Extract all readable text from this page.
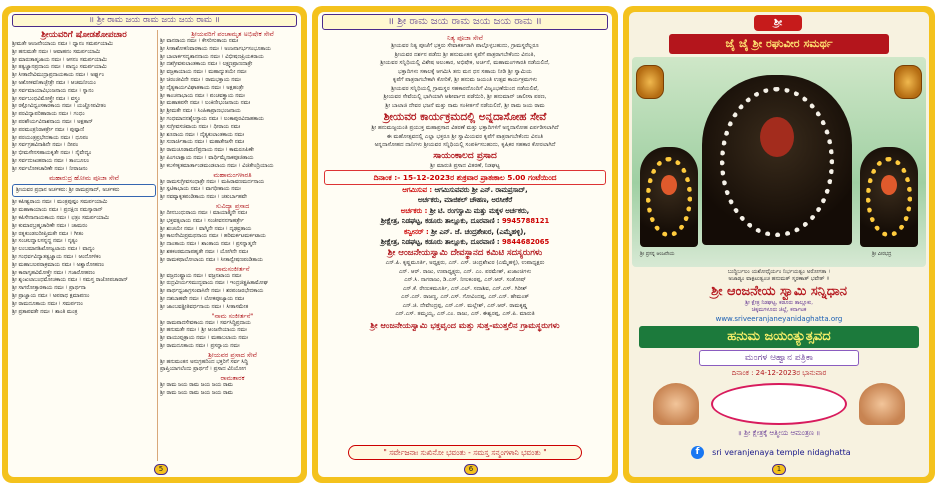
॥ ಶ್ರೀ ರಾಮ ಜಯ ರಾಮ ಜಯ ಜಯ ರಾಮ ॥
ಶ್ರೀಯವರಿಗೆ ಷೋಡಶೋಪಚಾರ
ಶ್ರೀಮತೇ ಆಂಜನೇಯಾಯ ನಮಃ । ಧ್ಯಾನಂ ಸಮರ್ಪಯಾಮಿ
ಶ್ರೀ ಹನುಮತೇ ನಮಃ । ಆವಾಹನಂ ಸಮರ್ಪಯಾಮಿ
ಶ್ರೀ ಮಾರುತಾತ್ಮಜಾಯ ನಮಃ । ಆಸನಂ ಸಮರ್ಪಯಾಮಿ
ಶ್ರೀ ತತ್ವಜ್ಞಾನಪ್ರದಾಯ ನಮಃ । ಪಾದ್ಯಂ ಸಮರ್ಪಯಾಮಿ
ಶ್ರೀ ಸೀತಾದೇವಿಮುದ್ರಾಪ್ರದಾಯಕಾಯ ನಮಃ । ಅರ್ಘ್ಯಂ
ಶ್ರೀ ಅಶೋಕವನಿಕಾಚ್ಛೇತ್ರೇ ನಮಃ । ಆಚಮನೀಯಂ
ಶ್ರೀ ಸರ್ವಮಾಯಾವಿಭಂಜನಾಯ ನಮಃ । ಸ್ನಾನಂ
ಶ್ರೀ ಸರ್ವಬಂಧವಿಮೋಕ್ತ್ರೇ ನಮಃ । ವಸ್ತ್ರಂ
ಶ್ರೀ ರಕ್ಷೋವಿಧ್ವಂಸಕಾರಕಾಯ ನಮಃ । ಯಜ್ಞೋಪವೀತಂ
ಶ್ರೀ ಪರವಿದ್ಯಾಪರಿಹಾರಾಯ ನಮಃ । ಗಂಧಂ
ಶ್ರೀ ಪರಶೌರ್ಯವಿನಾಶನಾಯ ನಮಃ । ಅಕ್ಷತಾನ್
ಶ್ರೀ ಪರಮಂತ್ರನಿರಾಕರ್ತ್ರೇ ನಮಃ । ಪುಷ್ಪಾಣಿ
ಶ್ರೀ ಪರಯಂತ್ರಪ್ರಭೇದಕಾಯ ನಮಃ । ಧೂಪಂ
ಶ್ರೀ ಸರ್ವಗ್ರಹವಿನಾಶಿನೇ ನಮಃ । ದೀಪಂ
ಶ್ರೀ ಭೀಮಸೇನಸಹಾಯಕೃತೇ ನಮಃ । ನೈವೇದ್ಯಂ
ಶ್ರೀ ಸರ್ವದುಃಖಹರಾಯ ನಮಃ । ತಾಂಬೂಲಂ
ಶ್ರೀ ಸರ್ವಲೋಕಚಾರಿಣೇ ನಮಃ । ನೀರಾಜನಂ
ಮಹಾರುದ್ರ ಹೋಮ ಪೂಜಾ ಸೇವೆ
ಶ್ರೀಯವರ ಪ್ರಧಾನ ಅರ್ಚಕರು: ಶ್ರೀ ರಾಮಪ್ರಸಾದ್, ಅರ್ಚಕರು
ಶ್ರೀ ಕಪೀಶ್ವರಾಯ ನಮಃ । ಮಂತ್ರಪುಷ್ಪಂ ಸಮರ್ಪಯಾಮಿ
ಶ್ರೀ ಮಹಾಕಾಯಾಯ ನಮಃ । ಪ್ರದಕ್ಷಿಣ ನಮಸ್ಕಾರಾನ್
ಶ್ರೀ ಕಪಿಸೇನಾನಾಯಕಾಯ ನಮಃ । ಛತ್ರಂ ಸಮರ್ಪಯಾಮಿ
ಶ್ರೀ ಕುಮಾರಬ್ರಹ್ಮಚಾರಿಣೇ ನಮಃ । ಚಾಮರಂ
ಶ್ರೀ ರತ್ನಕುಂಡಲದೀಪ್ತಿಮತೇ ನಮಃ । ಗೀತಂ
ಶ್ರೀ ಸಂಚಲದ್ವಾಲಸನ್ನದ್ಧ ನಮಃ । ನೃತ್ಯಂ
ಶ್ರೀ ಲಂಬಮಾನಶಿಖೋಜ್ವಲಾಯ ನಮಃ । ವಾದ್ಯಂ
ಶ್ರೀ ಗಂಧರ್ವವಿದ್ಯಾತತ್ವಜ್ಞಾಯ ನಮಃ । ಆಂದೋಳಿಕಂ
ಶ್ರೀ ಮಹಾಬಲಪರಾಕ್ರಮಾಯ ನಮಃ । ಅಶ್ವಾರೋಹಣಂ
ಶ್ರೀ ಕಾರಾಗೃಹವಿಮೋಕ್ತ್ರೇ ನಮಃ । ಗಜಾರೋಹಣಂ
ಶ್ರೀ ಶೃಂಖಲಾಬಂಧಮೋಚಕಾಯ ನಮಃ । ಸಮಸ್ತ ರಾಜೋಪಚಾರಾನ್
ಶ್ರೀ ಸಾಗರೋತ್ತಾರಕಾಯ ನಮಃ । ಪ್ರಾರ್ಥನಾ
ಶ್ರೀ ಪ್ರಾಜ್ಞಾಯ ನಮಃ । ಅಪರಾಧ ಕ್ಷಮಾಪಣಂ
ಶ್ರೀ ರಾಮದೂತಾಯ ನಮಃ । ಸಮರ್ಪಣಂ
ಶ್ರೀ ಪ್ರತಾಪವತೇ ನಮಃ । ಶಾಂತಿ ಮಂತ್ರ
ಶ್ರೀಯವರಿಗೆ ಪಂಚಾಮೃತ ಅಭಿಷೇಕ ಸೇವೆ
ಶ್ರೀ ವಾನರಾಯ ನಮಃ । ಕೇಸರಿಸುತಾಯ ನಮಃ
ಶ್ರೀ ಸೀತಾಶೋಕನಿವಾರಕಾಯ ನಮಃ । ಅಂಜನಾಗರ್ಭಸಂಭೂತಾಯ
ಶ್ರೀ ಬಾಲಾರ್ಕಸದೃಶಾನನಾಯ ನಮಃ । ವಿಭೀಷಣಪ್ರಿಯಕರಾಯ
ಶ್ರೀ ದಶಗ್ರೀವಕುಲಾಂತಕಾಯ ನಮಃ । ಲಕ್ಷ್ಮಣಪ್ರಾಣದಾತ್ರೇ
ಶ್ರೀ ವಜ್ರಕಾಯಾಯ ನಮಃ । ಮಹಾದ್ಯುತಯೇ ನಮಃ
ಶ್ರೀ ಚಿರಂಜೀವಿನೇ ನಮಃ । ರಾಮಭಕ್ತಾಯ ನಮಃ
ಶ್ರೀ ದೈತ್ಯಕಾರ್ಯವಿಘಾತಕಾಯ ನಮಃ । ಅಕ್ಷಹಂತ್ರೇ
ಶ್ರೀ ಕಾಂಚನಾಭಾಯ ನಮಃ । ಪಂಚವಕ್ತ್ರಾಯ ನಮಃ
ಶ್ರೀ ಮಹಾತಪಸೇ ನಮಃ । ಲಂಕಿಣೀಭಂಜನಾಯ ನಮಃ
ಶ್ರೀ ಶ್ರೀಮತೇ ನಮಃ । ಸಿಂಹಿಕಾಪ್ರಾಣಭಂಜನಾಯ
ಶ್ರೀ ಗಂಧಮಾದನಶೈಲಸ್ಥಾಯ ನಮಃ । ಲಂಕಾಪುರವಿದಾಹಕಾಯ
ಶ್ರೀ ಸುಗ್ರೀವಸಚಿವಾಯ ನಮಃ । ಧೀರಾಯ ನಮಃ
ಶ್ರೀ ಶೂರಾಯ ನಮಃ । ದೈತ್ಯಕುಲಾಂತಕಾಯ ನಮಃ
ಶ್ರೀ ಸುರಾರ್ಚಿತಾಯ ನಮಃ । ಮಹಾತೇಜಸೇ ನಮಃ
ಶ್ರೀ ರಾಮಚೂಡಾಮಣಿಪ್ರದಾಯ ನಮಃ । ಕಾಮರೂಪಿಣೇ
ಶ್ರೀ ಪಿಂಗಲಾಕ್ಷಾಯ ನಮಃ । ವಾರ್ಧಿಮೈನಾಕಪೂಜಿತಾಯ
ಶ್ರೀ ಕಬಳೀಕೃತಮಾರ್ತಾಂಡಮಂಡಲಾಯ ನಮಃ । ವಿಜಿತೇಂದ್ರಿಯಾಯ
ಮಹಾಮಂಗಳಾರತಿ
ಶ್ರೀ ರಾಮಸುಗ್ರೀವಸಂಧಾತ್ರೇ ನಮಃ । ಮಹಿರಾವಣಮರ್ದನಾಯ
ಶ್ರೀ ಸ್ಫಟಿಕಾಭಾಯ ನಮಃ । ವಾಗಧೀಶಾಯ ನಮಃ
ಶ್ರೀ ನವವ್ಯಾಕೃತಪಂಡಿತಾಯ ನಮಃ । ಚತುರ್ಬಾಹವೇ
ಸುವಿದ್ಯಾ ಪ್ರಸಾದ
ಶ್ರೀ ದೀನಬಂಧುರಾಯ ನಮಃ । ಮಾಯಾತ್ಮನೇ ನಮಃ
ಶ್ರೀ ಭಕ್ತವತ್ಸಲಾಯ ನಮಃ । ಸಂಜೀವನನಗಾಹರ್ತ್ರೇ
ಶ್ರೀ ಶುಚಯೇ ನಮಃ । ವಾಗ್ಮಿನೇ ನಮಃ । ದೃಢವ್ರತಾಯ
ಶ್ರೀ ಕಾಲನೇಮಿಪ್ರಮಥನಾಯ ನಮಃ । ಹರಿಮರ್ಕಟಮರ್ಕಟಾಯ
ಶ್ರೀ ದಾಂತಾಯ ನಮಃ । ಶಾಂತಾಯ ನಮಃ । ಪ್ರಸನ್ನಾತ್ಮನೇ
ಶ್ರೀ ಶತಕಂಠಮದಾಪಹೃತೇ ನಮಃ । ಯೋಗಿನೇ ನಮಃ
ಶ್ರೀ ರಾಮಕಥಾಲೋಲಾಯ ನಮಃ । ಸೀತಾನ್ವೇಷಣಪಂಡಿತಾಯ
ನಾಮಸಂಕೀರ್ತನೆ
ಶ್ರೀ ವಜ್ರದಂಷ್ಟ್ರಾಯ ನಮಃ । ವಜ್ರನಖಾಯ ನಮಃ
ಶ್ರೀ ರುದ್ರವೀರ್ಯಸಮುದ್ಭವಾಯ ನಮಃ । ಇಂದ್ರಜಿತ್ಪ್ರಹಿತಾಮೋಘ
ಶ್ರೀ ಪಾರ್ಥಧ್ವಜಾಗ್ರಸಂವಾಸಿನೇ ನಮಃ । ಶರಪಂಜರಭೇದಕಾಯ
ಶ್ರೀ ದಶಬಾಹವೇ ನಮಃ । ಲೋಕಪೂಜ್ಯಾಯ ನಮಃ
ಶ್ರೀ ಜಾಂಬವತ್ಪ್ರೀತಿವರ್ಧನಾಯ ನಮಃ । ಸೀತಾಸಮೇತ
"ನಾಮ ಸಂಕೀರ್ತನೆ"
ಶ್ರೀ ರಾಮಪಾದಸೇವಕಾಯ ನಮಃ । ಸರ್ವಸಿದ್ಧಿಪ್ರದಾಯ
ಶ್ರೀ ಹನುಮತೇ ನಮಃ । ಶ್ರೀ ಆಂಜನೇಯಾಯ ನಮಃ
ಶ್ರೀ ವಾಯುಪುತ್ರಾಯ ನಮಃ । ಮಹಾಬಲಾಯ ನಮಃ
ಶ್ರೀ ರಾಮದೂತಾಯ ನಮಃ । ಪ್ರಸನ್ನಾಯ ನಮಃ
ಶ್ರೀಯವರ ಪ್ರಸಾದ ಸೇವೆ
ಶ್ರೀ ಹನುಮಂತನ ಅನುಗ್ರಹದಿಂದ ಭಕ್ತರಿಗೆ ಸರ್ವ ಸಿದ್ಧಿ
ಪ್ರಾಪ್ತಿಯಾಗಲೆಂದು ಪ್ರಾರ್ಥನೆ । ಪ್ರಸಾದ ವಿನಿಯೋಗ
ರಾಮತಾರಕ
ಶ್ರೀ ರಾಮ ಜಯ ರಾಮ ಜಯ ಜಯ ರಾಮ
ಶ್ರೀ ರಾಮ ಜಯ ರಾಮ ಜಯ ಜಯ ರಾಮ
5
॥ ಶ್ರೀ ರಾಮ ಜಯ ರಾಮ ಜಯ ಜಯ ರಾಮ ॥
ನಿತ್ಯ ಪೂಜಾ ಸೇವೆ
ಶ್ರೀಯವರ ನಿತ್ಯ ಪೂಜೆಗೆ ಭಕ್ತರು ಸೇವಾಕರ್ತರಾಗಿ ಪಾಲ್ಗೊಳ್ಳಬಹುದು, ಗ್ರಾಮಸ್ಥರೆಲ್ಲರೂ
ಶ್ರೀಯವರ ದರ್ಶನ ಪಡೆದು ಶ್ರೀ ಹನುಮಂತನ ಕೃಪೆಗೆ ಪಾತ್ರರಾಗಬೇಕೆಂದು ವಿನಂತಿ,
ಶ್ರೀಯವರ ಸನ್ನಿಧಿಯಲ್ಲಿ ವಿಶೇಷ ಅಲಂಕಾರ, ಅಭಿಷೇಕ, ಅರ್ಚನೆ, ಮಹಾಮಂಗಳಾರತಿ ನಡೆಯಲಿದೆ,
ಭಕ್ತಾದಿಗಳು ಸಕಾಲಕ್ಕೆ ಆಗಮಿಸಿ ತನು ಮನ ಧನ ಸಹಾಯ ನೀಡಿ ಶ್ರೀ ಸ್ವಾಮಿಯ
ಕೃಪೆಗೆ ಪಾತ್ರರಾಗಬೇಕಾಗಿ ಕೋರಿಕೆ, ಶ್ರೀ ಹನುಮ ಜಯಂತಿ ಉತ್ಸವ ಕಾರ್ಯಕ್ರಮಗಳು
ಶ್ರೀಯವರ ಸನ್ನಿಧಿಯಲ್ಲಿ ಗ್ರಾಮಸ್ಥರ ಸಹಕಾರದೊಂದಿಗೆ ವಿಜೃಂಭಣೆಯಿಂದ ನಡೆಯಲಿವೆ,
ಶ್ರೀಯವರ ಸೇವೆಯಲ್ಲಿ ಭಾಗಿಯಾಗಿ ಆಶೀರ್ವಾದ ಪಡೆಯಿರಿ, ಶ್ರೀ ಹನುಮಾನ್ ಚಾಲೀಸಾ ಪಠಣ,
ಶ್ರೀ ಬಾಲಾಜಿ ದೇವರ ಭಜನೆ ಮತ್ತು ನಾಮ ಸಂಕೀರ್ತನೆ ನಡೆಯಲಿದೆ, ಶ್ರೀ ರಾಮ ಜಯ ರಾಮ
ಶ್ರೀಯವರ ಕಾರ್ಯಕ್ರಮದಲ್ಲಿ ಅನ್ನದಾಸೋಹ ಸೇವೆ
ಶ್ರೀ ಹನುಮಜ್ಜಯಂತಿ ಪ್ರಯುಕ್ತ ಮಹಾಪ್ರಸಾದ ವಿತರಣೆ ಮತ್ತು ಭಕ್ತಾದಿಗಳಿಗೆ ಅನ್ನದಾಸೋಹ ಏರ್ಪಡಿಸಲಾಗಿದೆ
ಈ ಮಹೋತ್ಸವದಲ್ಲಿ ಎಲ್ಲಾ ಭಕ್ತರೂ ಶ್ರೀ ಸ್ವಾಮಿಯವರ ಕೃಪೆಗೆ ಪಾತ್ರರಾಗಬೇಕೆಂದು ವಿನಂತಿ
ಅನ್ನದಾಸೋಹದ ದಾನಿಗಳು ಶ್ರೀಯವರ ಸನ್ನಿಧಿಯಲ್ಲಿ ಸಂಪರ್ಕಿಸಬಹುದು, ಕೃಷಿಕರ ಸಹಕಾರ ಕೋರಲಾಗಿದೆ
ಸಾಯಂಕಾಲದ ಪ್ರಸಾದ
ಶ್ರೀ ಮಾರುತಿ ಪ್ರಸಾದ ವಿತರಣೆ, ನಿಡಘಟ್ಟ
ದಿನಾಂಕ :- 15-12-2023ರ ಶುಕ್ರವಾರ ಪ್ರಾತಃಕಾಲ 5.00 ಗಂಟೆಯಿಂದ
ಆಗಮಿಸುವ : ಆಗಮಿಸುವವರು ಶ್ರೀ ಎನ್. ರಾಮಪ್ರಸಾದ್,
ಅರ್ಚಕರು, ಮಾಜಿಕಲ್ ಚೌಹಣ, ಅರಸೀಕೆರೆ
ಅರ್ಚಕರು : ಶ್ರೀ ಟಿ. ರಂಗಸ್ವಾಮಿ ಮತ್ತು ಮಕ್ಕಳ ಅರ್ಚಕರು,
ಶ್ರೀಕ್ಷೇತ್ರ, ನಿಡಘಟ್ಟ, ಕಡೂರು ತಾಲ್ಲೂಕು, ದೂರವಾಣಿ : 9945788121
ಕನ್ವೀನರ್ : ಶ್ರೀ ಎನ್. ಜೆ. ಚಂದ್ರಶೇಖರ, (ಎಮ್ಮೆಹಳ್ಳಿ),
ಶ್ರೀಕ್ಷೇತ್ರ, ನಿಡಘಟ್ಟ, ಕಡೂರು ತಾಲ್ಲೂಕು, ದೂರವಾಣಿ : 9844682065
ಶ್ರೀ ಆಂಜನೇಯಸ್ವಾಮಿ ದೇವಸ್ಥಾನದ ಕಮಿಟಿ ಸದಸ್ಯರುಗಳು
ಎನ್.ಪಿ. ಕೃಷ್ಣಮೂರ್ತಿ, ಅಧ್ಯಕ್ಷರು, ಎನ್. ಎಸ್. ಚಂದ್ರಶೇಖರ (ಎಮ್ಮೆಹಳ್ಳಿ), ಉಪಾಧ್ಯಕ್ಷರು
ಎನ್. ಆರ್. ರಾಜು, ಉಪಾಧ್ಯಕ್ಷ್ಯರು, ಎನ್. ಎಂ. ಪರಮೇಶ್, ಖಜಾಂಚಿಗಳು
ಎನ್.ಸಿ. ನಾಗರಾಜು, ಡಿ.ಎಸ್. ನೀಲಕಂಠಪ್ಪ, ಎನ್.ಆರ್. ಸಂತೋಷ್
ಎನ್.ಕೆ. ರೇಣುಕಮೂರ್ತಿ, ಎನ್.ಎಲ್. ಸದಾಶಿವ, ಎನ್.ಎಸ್. ಗಿರೀಶ್
ಎನ್.ಎನ್. ರಾಜಣ್ಣ, ಎನ್.ಎಸ್. ಗೋವಿಂದಪ್ಪ, ಎನ್.ಎನ್. ಹೇಮಂತ್
ಎನ್.ಜಿ. ದೇವೇಂದ್ರಪ್ಪ, ಎನ್.ಎಸ್. ಮಲ್ಲೇಶ್, ಎನ್.ಆರ್. ರಾಮಕೃಷ್ಣ
ಎನ್.ಎಸ್. ತಮ್ಮಯ್ಯ, ಎನ್.ಎಂ. ರಾಜು, ಎನ್. ಈಶ್ವರಪ್ಪ, ಎಸ್.ಪಿ. ಮಾರುತಿ
ಶ್ರೀ ಆಂಜನೇಯಸ್ವಾಮಿ ಭಕ್ತವೃಂದ ಮತ್ತು ಸುತ್ತ-ಮುತ್ತಲಿನ ಗ್ರಾಮಸ್ಥರುಗಳು
" ಸರ್ವೇಜನಾಃ ಸುಖಿನೋ ಭವಂತು - ಸಮಸ್ತ ಸನ್ಮಂಗಳಾನಿ ಭವಂತು "
6
ಶ್ರೀ
ಜೈ ಜೈ ಶ್ರೀ ರಘುವೀರ ಸಮರ್ಥ
ಶ್ರೀ ಪ್ರಸನ್ನ ಆಂಜನೇಯ	ಶ್ರೀ ವೀರಭದ್ರ
ಬುದ್ಧಿರ್ಬಲಂ ಯಶೋಧೈರ್ಯಂ ನಿರ್ಭಯತ್ವಂ ಅರೋಗತಾ ।
ಅಜಾಡ್ಯಂ ವಾಕ್ಪಟುತ್ವಂಚ ಹನುಮತ್ ಸ್ಮರಣಾತ್ ಭವೇತ್ ॥
ಶ್ರೀ ಆಂಜನೇಯ ಸ್ವಾಮಿ ಸನ್ನಿಧಾನ
ಶ್ರೀ ಕ್ಷೇತ್ರ ನಿಡಘಟ್ಟ, ಕಡೂರು ತಾಲ್ಲೂಕು,
ಚಿಕ್ಕಮಗಳೂರು ಜಿಲ್ಲೆ, ಕರ್ನಾಟಕ
www.sriveeranjaneyanidaghatta.org
ಹನುಮ ಜಯಂತ್ಯುತ್ಸವದ
ಮಂಗಳ ಆಹ್ವಾನ ಪತ್ರಿಕಾ
ದಿನಾಂಕ : 24-12-2023ರ ಭಾನುವಾರ
॥ ಶ್ರೀ ಕ್ಷೇತ್ರಕ್ಕೆ ಆತ್ಮೀಯ ಆಮಂತ್ರಣ ॥
f sri veranjenaya temple nidaghatta
1
